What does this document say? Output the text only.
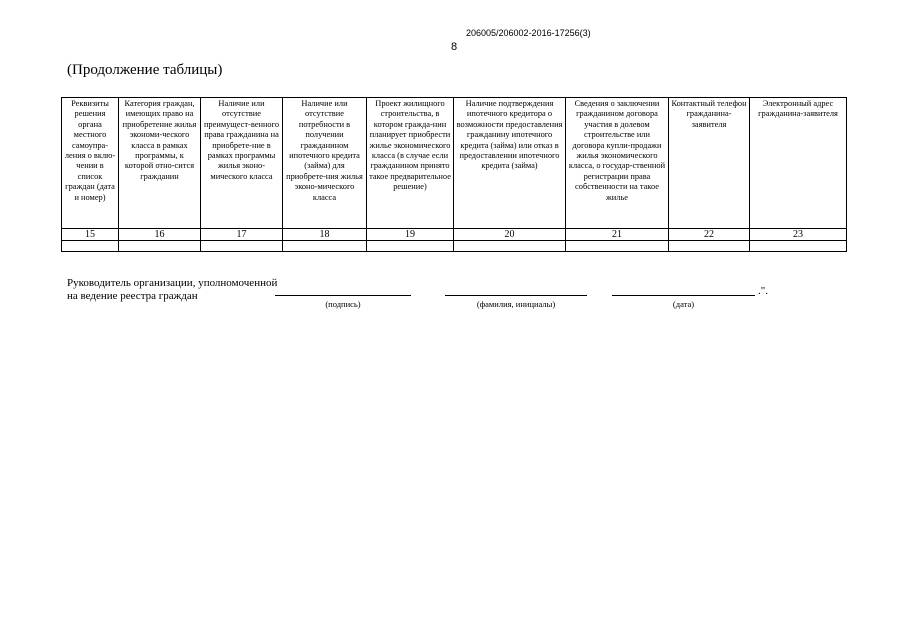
206005/206002-2016-17256(3)
8
(Продолжение таблицы)
Реквизиты решения органа местного самоупра-ления о вклю-чении в список граждан (дата и номер)	Категория граждан, имеющих право на приобретение жилья экономи-ческого класса в рамках программы, к которой отно-сится гражданин	Наличие или отсутствие преимущест-венного права гражданина на приобрете-ние в рамках программы жилья эконо-мического класса	Наличие или отсутствие потребности в получении гражданином ипотечного кредита (займа) для приобрете-ния жилья эконо-мического класса	Проект жилищного строительства, в котором гражда-нин планирует приобрести жилье экономического класса (в случае если гражданином принято такое предварительное решение)	Наличие подтверждения ипотечного кредитора о возможности предоставления гражданину ипотечного кредита (займа) или отказ в предоставлении ипотечного кредита (займа)	Сведения о заключении гражданином договора участия в долевом строительстве или договора купли-продажи жилья экономического класса, о государ-ственной регистрации права собственности на такое жилье	Контактный телефон гражданина-заявителя	Электронный адрес гражданина-заявителя
15	16	17	18	19	20	21	22	23

Руководитель организации, уполномоченной
на ведение реестра граждан	.".
(подпись)	(фамилия, инициалы)	(дата)
